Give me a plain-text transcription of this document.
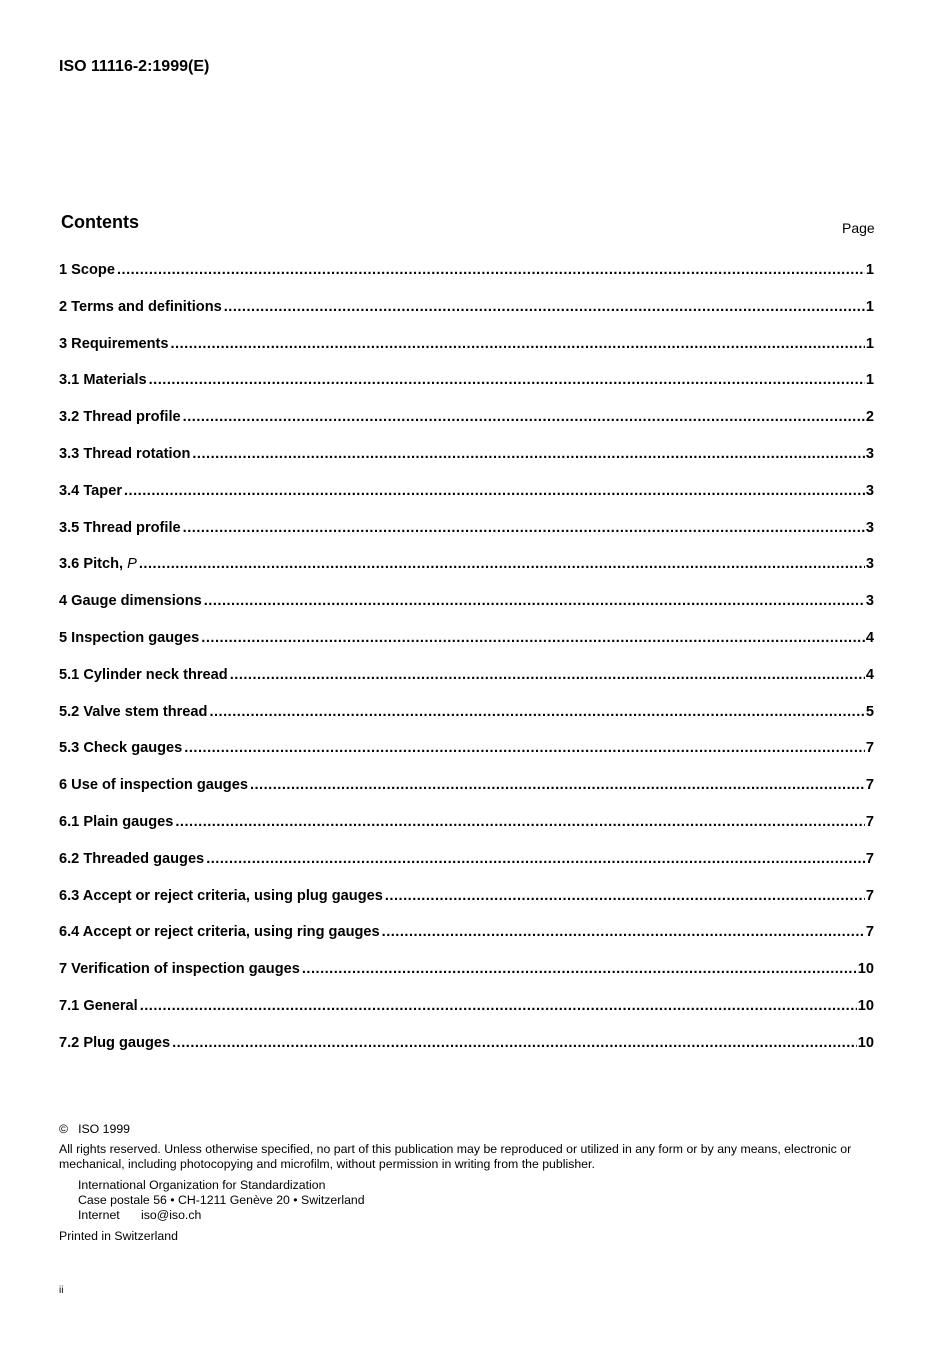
ISO 11116-2:1999(E)
Contents	Page
1 Scope .....	1
2 Terms and definitions .....	1
3 Requirements .....	1
3.1 Materials .....	1
3.2 Thread profile .....	2
3.3 Thread rotation .....	3
3.4 Taper .....	3
3.5 Thread profile .....	3
3.6 Pitch, P .....	3
4 Gauge dimensions .....	3
5 Inspection gauges .....	4
5.1 Cylinder neck thread .....	4
5.2 Valve stem thread .....	5
5.3 Check gauges .....	7
6 Use of inspection gauges .....	7
6.1 Plain gauges .....	7
6.2 Threaded gauges .....	7
6.3 Accept or reject criteria, using plug gauges .....	7
6.4 Accept or reject criteria, using ring gauges .....	7
7 Verification of inspection gauges .....	10
7.1 General .....	10
7.2 Plug gauges .....	10
© ISO 1999
All rights reserved. Unless otherwise specified, no part of this publication may be reproduced or utilized in any form or by any means, electronic or mechanical, including photocopying and microfilm, without permission in writing from the publisher.
International Organization for Standardization
Case postale 56 • CH-1211 Genève 20 • Switzerland
Internet iso@iso.ch
Printed in Switzerland
ii
